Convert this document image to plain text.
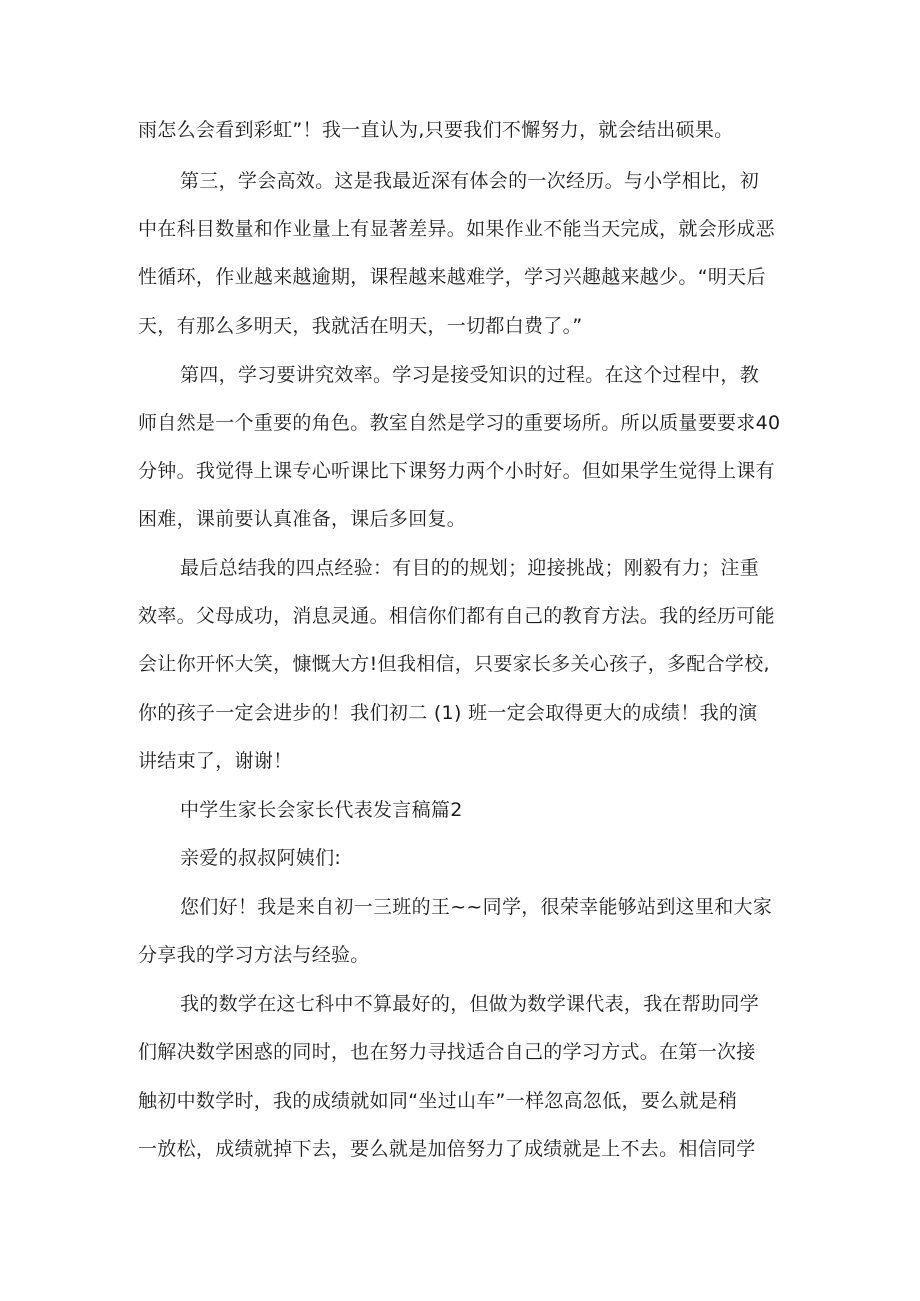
雨怎么会看到彩虹”！我一直认为,只要我们不懈努力，就会结出硕果。
第三，学会高效。这是我最近深有体会的一次经历。与小学相比，初
中在科目数量和作业量上有显著差异。如果作业不能当天完成，就会形成恶
性循环，作业越来越逾期，课程越来越难学，学习兴趣越来越少。“明天后
天，有那么多明天，我就活在明天，一切都白费了。”
第四，学习要讲究效率。学习是接受知识的过程。在这个过程中，教
师自然是一个重要的角色。教室自然是学习的重要场所。所以质量要要求40
分钟。我觉得上课专心听课比下课努力两个小时好。但如果学生觉得上课有
困难，课前要认真准备，课后多回复。
最后总结我的四点经验：有目的的规划；迎接挑战；刚毅有力；注重
效率。父母成功，消息灵通。相信你们都有自己的教育方法。我的经历可能
会让你开怀大笑，慷慨大方!但我相信，只要家长多关心孩子，多配合学校,
你的孩子一定会进步的！我们初二 (1) 班一定会取得更大的成绩！我的演
讲结束了，谢谢！
中学生家长会家长代表发言稿篇2
亲爱的叔叔阿姨们:
您们好！我是来自初一三班的王~~同学，很荣幸能够站到这里和大家
分享我的学习方法与经验。
我的数学在这七科中不算最好的，但做为数学课代表，我在帮助同学
们解决数学困惑的同时，也在努力寻找适合自己的学习方式。在第一次接
触初中数学时，我的成绩就如同“坐过山车”一样忽高忽低，要么就是稍
一放松，成绩就掉下去，要么就是加倍努力了成绩就是上不去。相信同学
